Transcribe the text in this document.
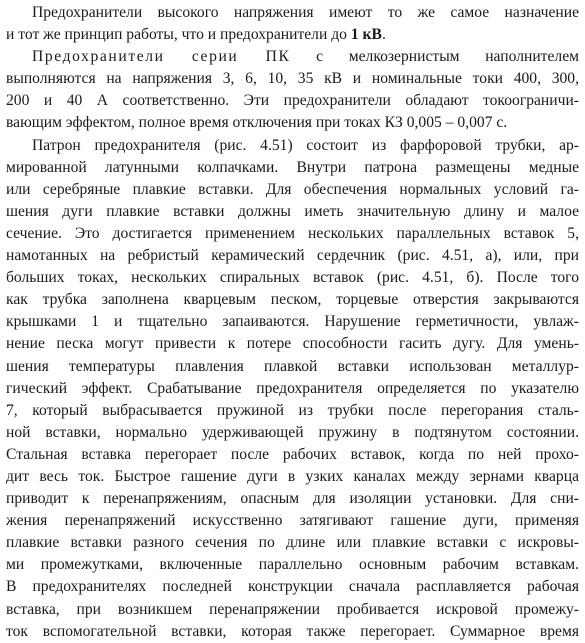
Предохранители высокого напряжения имеют то же самое назначение
и тот же принцип работы, что и предохранители до 1 кВ.
Предохранители серии ПК с мелкозернистым наполнителем
выполняются на напряжения 3, 6, 10, 35 кВ и номинальные токи 400, 300,
200 и 40 А соответственно. Эти предохранители обладают токоограничи-
вающим эффектом, полное время отключения при токах КЗ 0,005 – 0,007 с.
Патрон предохранителя (рис. 4.51) состоит из фарфоровой трубки, ар-
мированной латунными колпачками. Внутри патрона размещены медные
или серебряные плавкие вставки. Для обеспечения нормальных условий га-
шения дуги плавкие вставки должны иметь значительную длину и малое
сечение. Это достигается применением нескольких параллельных вставок 5,
намотанных на ребристый керамический сердечник (рис. 4.51, а), или, при
больших токах, нескольких спиральных вставок (рис. 4.51, б). После того
как трубка заполнена кварцевым песком, торцевые отверстия закрываются
крышками 1 и тщательно запаиваются. Нарушение герметичности, увлаж-
нение песка могут привести к потере способности гасить дугу. Для умень-
шения температуры плавления плавкой вставки использован металлур-
гический эффект. Срабатывание предохранителя определяется по указателю
7, который выбрасывается пружиной из трубки после перегорания сталь-
ной вставки, нормально удерживающей пружину в подтянутом состоянии.
Стальная вставка перегорает после рабочих вставок, когда по ней прохо-
дит весь ток. Быстрое гашение дуги в узких каналах между зернами кварца
приводит к перенапряжениям, опасным для изоляции установки. Для сни-
жения перенапряжений искусственно затягивают гашение дуги, применяя
плавкие вставки разного сечения по длине или плавкие вставки с искровы-
ми промежутками, включенные параллельно основным рабочим вставкам.
В предохранителях последней конструкции сначала расплавляется рабочая
вставка, при возникшем перенапряжении пробивается искровой промежу-
ток вспомогательной вставки, которая также перегорает. Суммарное время
